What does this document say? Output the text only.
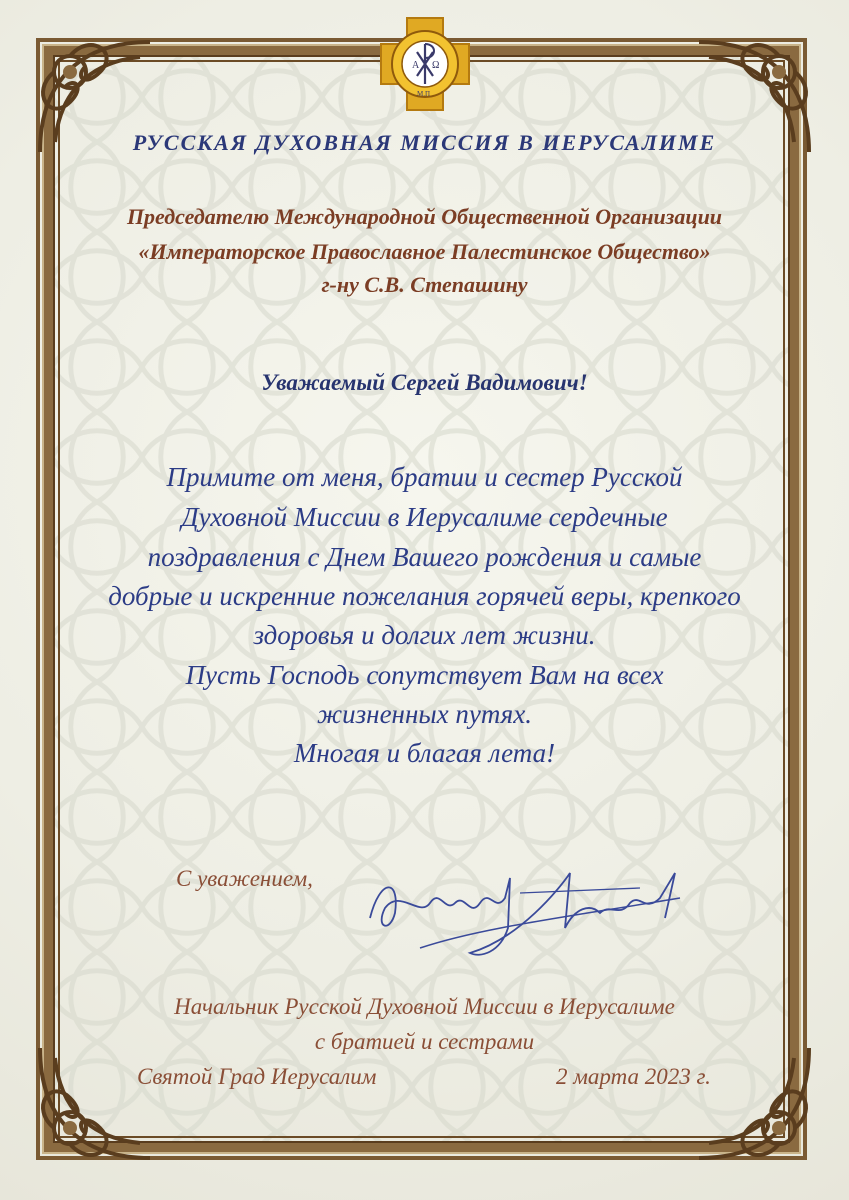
А Ω
М.П
РУССКАЯ ДУХОВНАЯ МИССИЯ В ИЕРУСАЛИМЕ
Председателю Международной Общественной Организации
«Императорское Православное Палестинское Общество»
г-ну С.В. Степашину
Уважаемый Сергей Вадимович!
Примите от меня, братии и сестер Русской
Духовной Миссии в Иерусалиме сердечные
поздравления с Днем Вашего рождения и самые
добрые и искренние пожелания горячей веры, крепкого
здоровья и долгих лет жизни.
Пусть Господь сопутствует Вам на всех
жизненных путях.
Многая и благая лета!
С уважением,
Начальник Русской Духовной Миссии в Иерусалиме
с братией и сестрами
Святой Град Иерусалим	2 марта 2023 г.
